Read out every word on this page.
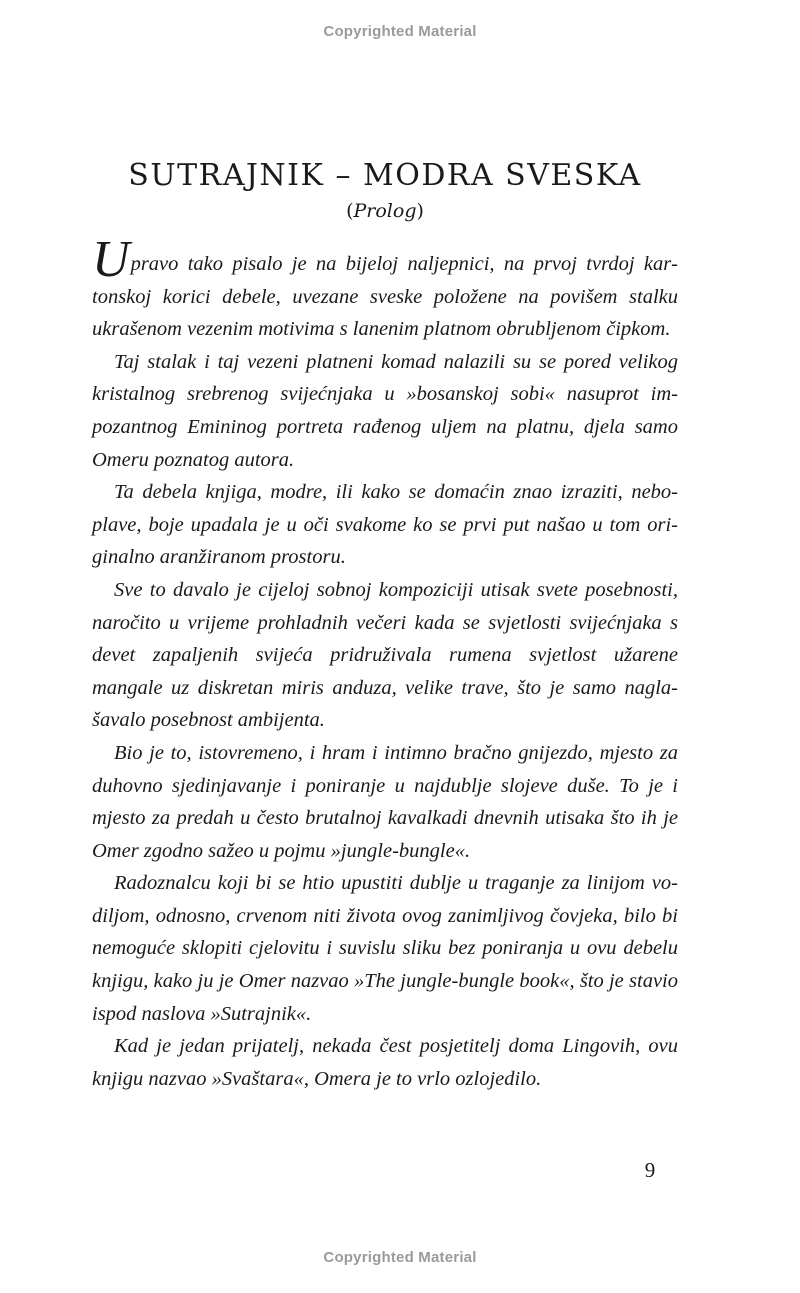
Copyrighted Material
SUTRAJNIK – MODRA SVESKA
(Prolog)

Upravo tako pisalo je na bijeloj naljepnici, na prvoj tvrdoj kartonskoj korici debele, uvezane sveske položene na povišem stalku ukrašenom vezenim motivima s lanenim platnom obrubljenom čipkom.

Taj stalak i taj vezeni platneni komad nalazili su se pored velikog kristalnog srebrenog svijećnjaka u »bosanskoj sobi« nasuprot impozantnog Emininog portreta rađenog uljem na platnu, djela samo Omeru poznatog autora.

Ta debela knjiga, modre, ili kako se domaćin znao izraziti, neboplave, boje upadala je u oči svakome ko se prvi put našao u tom originalno aranžiranom prostoru.

Sve to davalo je cijeloj sobnoj kompoziciji utisak svete posebnosti, naročito u vrijeme prohladnih večeri kada se svjetlosti svijećnjaka s devet zapaljenih svijeća pridruživala rumena svjetlost užarene mangale uz diskretan miris anduza, velike trave, što je samo naglašavalo posebnost ambijenta.

Bio je to, istovremeno, i hram i intimno bračno gnijezdo, mjesto za duhovno sjedinjavanje i poniranje u najdublje slojeve duše. To je i mjesto za predah u često brutalnoj kavalkadi dnevnih utisaka što ih je Omer zgodno sažeo u pojmu »jungle-bungle«.

Radoznalcu koji bi se htio upustiti dublje u traganje za linijom vodiljom, odnosno, crvenom niti života ovog zanimljivog čovjeka, bilo bi nemoguće sklopiti cjelovitu i suvislu sliku bez poniranja u ovu debelu knjigu, kako ju je Omer nazvao »The jungle-bungle book«, što je stavio ispod naslova »Sutrajnik«.

Kad je jedan prijatelj, nekada čest posjetitelj doma Lingovih, ovu knjigu nazvao »Svaštara«, Omera je to vrlo ozlojedilo.

9
Copyrighted Material
